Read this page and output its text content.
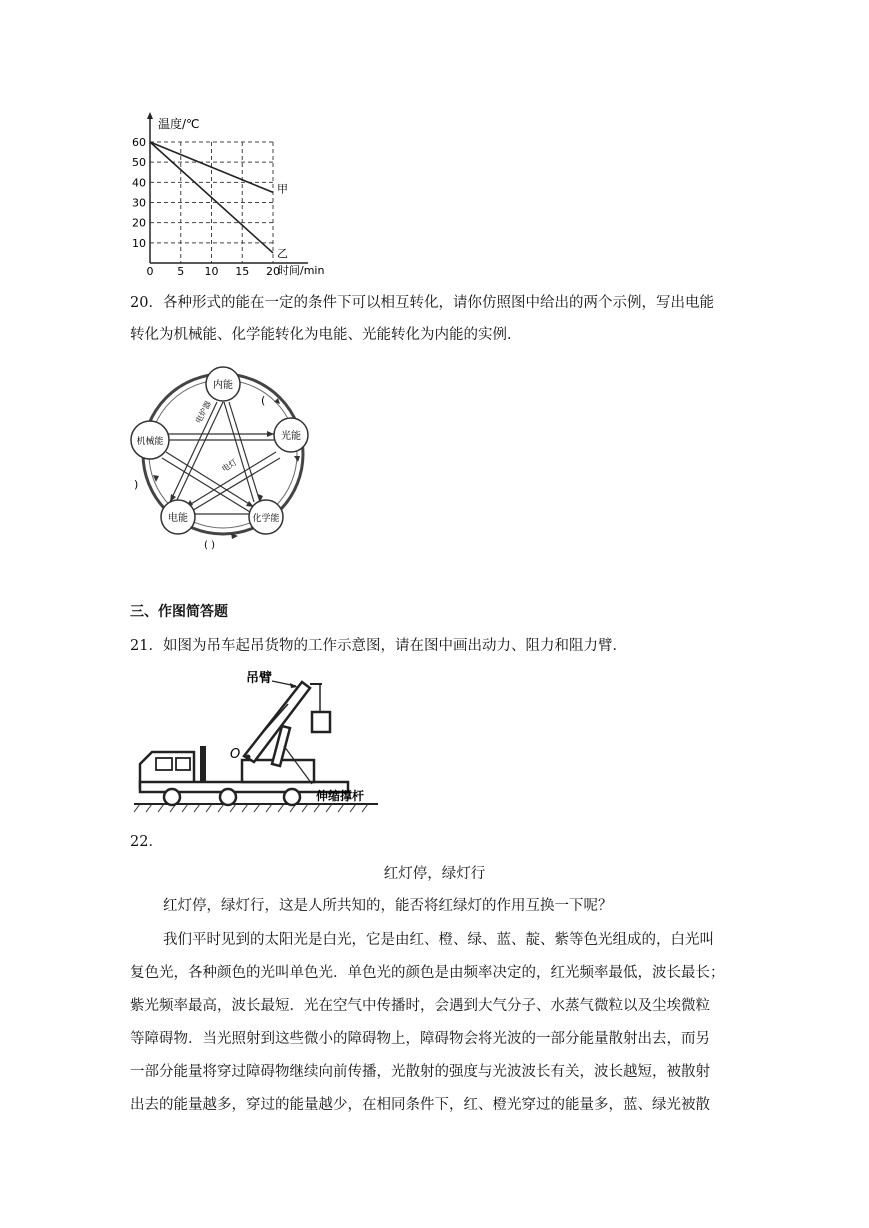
温度/℃
时间/min
60
50
40
30
20
10
0 5 10 15 20
甲
乙
20．各种形式的能在一定的条件下可以相互转化，请你仿照图中给出的两个示例，写出电能
转化为机械能、化学能转化为电能、光能转化为内能的实例．
内能
光能
化学能
电能
机械能
电炉器
电灯
(
)
( )
三、作图简答题
21．如图为吊车起吊货物的工作示意图，请在图中画出动力、阻力和阻力臂．
吊臂
O
伸缩撑杆
22．
红灯停，绿灯行
红灯停，绿灯行，这是人所共知的，能否将红绿灯的作用互换一下呢？
我们平时见到的太阳光是白光，它是由红、橙、绿、蓝、靛、紫等色光组成的，白光叫
复色光，各种颜色的光叫单色光．单色光的颜色是由频率决定的，红光频率最低，波长最长；
紫光频率最高，波长最短．光在空气中传播时，会遇到大气分子、水蒸气微粒以及尘埃微粒
等障碍物．当光照射到这些微小的障碍物上，障碍物会将光波的一部分能量散射出去，而另
一部分能量将穿过障碍物继续向前传播，光散射的强度与光波波长有关，波长越短，被散射
出去的能量越多，穿过的能量越少，在相同条件下，红、橙光穿过的能量多，蓝、绿光被散
